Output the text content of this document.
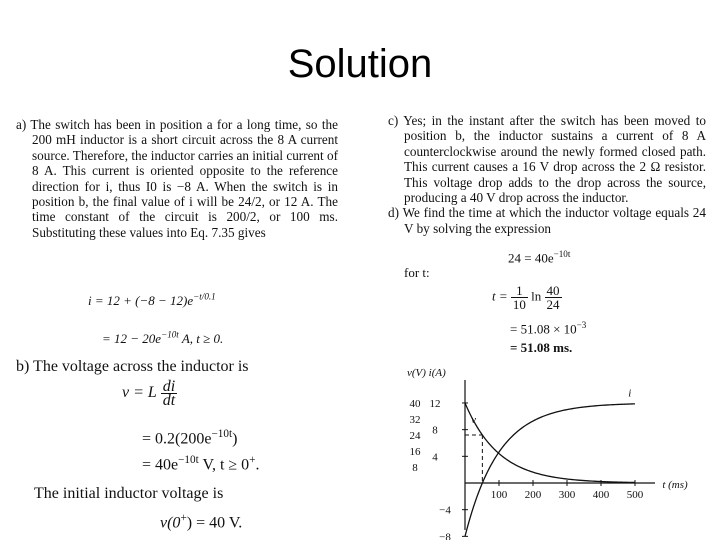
Solution
a) The switch has been in position a for a long time, so the 200 mH inductor is a short circuit across the 8 A current source. Therefore, the inductor carries an initial current of 8 A. This current is oriented opposite to the reference direction for i, thus I0 is −8 A. When the switch is in position b, the final value of i will be 24/2, or 12 A. The time constant of the circuit is 200/2, or 100 ms. Substituting these values into Eq. 7.35 gives
$i = 12 + (-8 - 12)e^{-t/0.1}$
= $12 - 20e^{-10t}$ A, t ≥ 0.
b) The voltage across the inductor is
v = L $\frac{di}{dt}$
= $0.2(200e^{-10t})$
= $40e^{-10t}$ V, t ≥ 0+.
The initial inductor voltage is
v(0+) = 40 V.
c) Yes; in the instant after the switch has been moved to position b, the inductor sustains a current of 8 A counterclockwise around the newly formed closed path. This current causes a 16 V drop across the 2 Ω resistor. This voltage drop adds to the drop across the source, producing a 40 V drop across the inductor.
d) We find the time at which the inductor voltage equals 24 V by solving the expression
$24 = 40e^{-10t}$
for t:
$t = \frac{1}{10}$ $\ln \frac{40}{24}$
= $51.08 \times 10^{-3}$
= 51.08 ms.
v(V) i(A)
t (ms)
100 200 300 400 500
40
32
24
16
8
12
8
4
−4
−8
v
i
